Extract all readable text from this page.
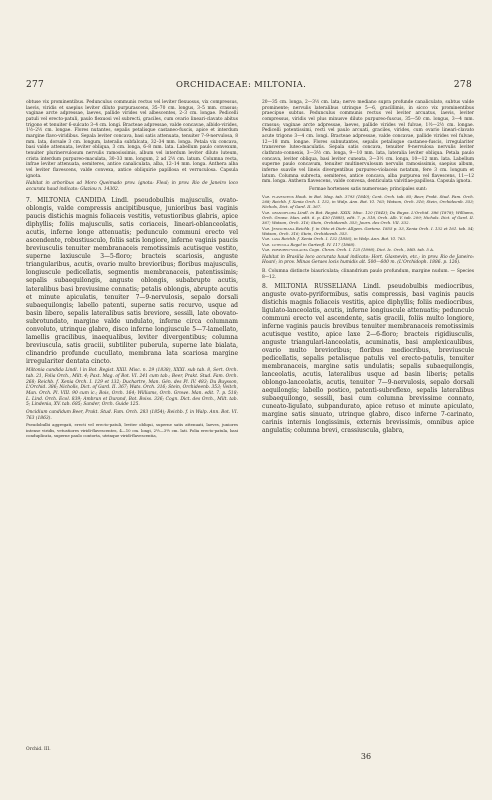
277	ORCHIDACEAE: MILTONIA.	278

obtuse vix prominentibus. Pedunculus communis rectus vel leviter flexuosus, vix compressus, laevis, viridis et saepius leviter diluto purpurascens, 35–70 cm. longus, 3–5 mm. crassus; vaginae arcte adpressae, laeves, pallide virides vel albescentes, 2–3 cm. longae. Pedicelli patuli vel erecto-patuli, paulo flexuosi vel subrecti, graciles, cum ovario lineari-clavato abitus trigono et tenuiter 6-sulcato 3–4 cm. longi. Bracteae adpressae, valde concavae, albido-virides, 1½–2½ cm. longae. Flores nutantes, sepalis petalisque castaneo-fuscis, apice et interdum margine flavo-viridibus. Sepala leviter concava, basi satis attenuata, tenuiter 7–9-nervulosa, 8 mm. lata, dorsale 3 cm. longum, lateralia subfalcata, 32–34 mm. longa. Petala vix concava, basi valde attenuata, leviter obliqua, 3 cm. longa, 6–8 mm. lata. Labellum paulo convexum, tenuiter plurinervulosum nervulis ramosissimis, album vel interdum leviter diluto luteum, crista interdum purpureo-maculata, 30–33 mm. longum, 2 ad 2½ cm. latum. Columna recta, infrae leviter attenuata, semiteres, antice canaliculata, alba, 12–14 mm. longa. Anthera alba vel leviter flavescens, valde convexa, antice obliquirie papillosa et verruculosa. Capsula ignota.

Habitat in arboribus ad Moro Queimado prov. ignota: Fleal; in prov. Rio de Janeiro loco accurata haud indicato: Glaziou n. 14302.

7. MILTONIA CANDIDA Lindl. pseudobulbis majusculis, ovato-oblongis, valde compressis ancipitibusque, junioribus basi vaginis paucis distichis magnis foliaceis vestitis, vetustioribus glabris, apice diphyllis; foliis majusculis, satis coriaceis, lineari-oblanceolatis, acutis, inferne longe attenuatis; pedunculo communi erecto vel ascendente, robustiusculo, foliis satis longiore, inferne vaginis paucis breviusculis tenuiter membranaceis remotissimis acutisque vestito, superne laxiuscule 3—5-floro; bracteis scariosis, anguste triangularibus, acutis, ovario multo brevioribus; floribus majusculis, longiuscule pedicellatis, segmentis membranaceis, patentissimis; sepalis subaequilongis, anguste oblongis, subabrupte acutis, lateralibus basi breviusime connatis; petalis oblongis, abrupte acutis et minute apiculatis, tenuiter 7—9-nervulosis, sepalo dorsali subaequilongis; labello patenti, superne satis recurvo, usque ad basin libero, sepalis lateralibus satis breviore, sessili, late obovato-subrotundato, margine valde undulato, inferne circa columnam convoluto, utrinque glabro, disco inferne longiuscule 5—7-lamellato, lamellis gracilibus, inaequalibus, leviter divergentibus; columna breviuscula, satis graciii, subtiliter puberula, superne late bialata, clinandrio profunde cucullato, membrana lata scariosa margine irregulariter dentata cincto.

Miltonia candida Lindl. l in Bot. Regist. XXII. Misc. n. 29 (1838), XXXI. sub tab. 8, Sert. Orch. tab. 21, Folia Orch., Milt. 4; Paxt. Mag. of Bot. VI. 241 cum tab.; Beer, Prakt. Stud. Fam. Orch. 268; Reichb. f. Xenia Orch. I. 129 et 132; Duchartre, Man. Gén. des Pl. IV. 483; Du Buysson, L'Orchid. 386; Nicholls, Dict. of Gard. II. 367; Wats. Orch. 316; Stein, Orchideenb. 353; Veitch, Man. Orch. Pl. VIII. 90 cum ic.; Bois, Orch. 164; Williams, Orch. Growe. Man. edit. 7. p. 518; L. Lind. Orch. Ecol. 839; Ambrun et Durand, Bot. Boiss. 336; Cogn. Dict. des Orch., Milt. tab. 5; Lindenia, XV. tab. 685; Sander, Orch. Guide 125.

Oncidium candidum Beer, Prakt. Stud. Fam. Orch. 283 (1854); Reichb. f. in Walp. Ann. Bot. VI. 763 (1863).

Pseudobulbi aggregati, erecti vel erecto-patuli, leviter obliqui, superne satis attenuati, laeves, juniores intense viridis, vetustiores viridi-flavescentes, 4—10 cm. longi, 2½—3½ cm. lati. Folia erecto-patula, basi conduplicata, superne paulo contorta, utrinque viridi-flavescentia,

Orchid. III.

20—35 cm. longa, 2—3½ cm. lata; nervo mediano supra profunde canaliculato, subtus valde prominente; nervulis lateralibus utrinque 5—6, gracillimis, in sicco vix prominentibus praecipue subtus. Pedunculus communis rectus vel leviter arcuatus, laevis, leviter compressus, viridis vel plus minusve diluto purpureo-fuscus, 35—50 cm. longus, 3—4 mm. crassus; vaginae arcte adpressae, laeves, pallide virides vel fulvae, 1½—2½ cm. longae. Pedicelli potentissimi, recti vel paulo arcuati, graciles, virides, cum ovario lineari-clavato acute trigono 3—4 cm. longi. Bracteae adpressae, valde concavae, pallide virides vel fulvae, 12—18 mm. longae. Flores subnutantes, sepalis petalisque castaneo-fuscis, irregulariter transverse luteo-maculatis. Sepala satis concava, tenuiter 9-nervulosa nervulis leviter clathrato-connexis, 3—3½ cm. longa, 9—10 mm. lata, lateralia leviter obliqua. Petala paulo concava, leviter obliqua, basi leviter cuneata, 3—3½ cm. longa, 10—12 mm. lata. Labellum superne paulo concavum, tenuiter multinervulosum nervulis ramosissimis, saepius album, inferne suavile vel lineis divergentibus purpureo-violaceis notatum, fere 3 cm. longum et latum. Columna subrecta, semiteres, antice concava, alba purpurea vel flavescens, 11—12 mm. longa. Anthera flavescens, valde convexa, denticulata valvitlae-papillosa. Capsula ignota.

Formae hortenses satis numerosae; principales sunt:

Var. flavescens Hook. in Bot. Mag. tab. 3793 (1840); Cent. Orch. tab. 85; Beer, Prakt. Stud. Fam. Orch. 268; Reichb. f. Xenia Orch. I. 132, in Walp. Ann. Bot. VI. 763; Watson, Orch. 316; Stein, Orchideenb. 353; Nichols, Dict. of Gard. II. 367.

Var. grandiflora Lindl. in Bot. Regist. XXIX. Misc. 120 (1843); Du Buyss. L'Orchid. 386 (1878); Williams, Orch. Growe. Man. edit. 6. p. 430 (1885), edit. 7. p. 518, Orch. Alb. V. tab. 209; Nichols. Dict. of Gard. II. 367; Watson, Orch. 316; Stein, Orchideenb. 353; Journ. des Orch. VII. 332.

Var. Jenischiana Reichb. f. in Otto et Dietr. Allgem. Gartenz. 1855 p. 33, Xenia Orch. I. 132 et 161. tab. 54; Watson, Orch. 316; Stein, Orchideenb. 353.

Var. laxa Reichb. f. Xenia Orch. I. 132 (1856), in Walp. Ann. Bot. VI. 763.

Var. lutecola Regel in Gartenfl. IV. 117 (1868).

Var. purpureo-violacea Cogn. Chron. Orch. I. 125 (1898), Dict. Ic. Orch., Milt. tab. 5 A.

Habitat in Brasilia loco accurata haud indicato: Hort. Glasnevin, etc.; in prov. Rio de Janeiro: Hoan!; in prov. Minas Geraes locis humidis alt. 500—600 m. (L'Orchidoph. 1886. p. 126).

B. Columna distincte biauriculata; clinandrium paulo profundum, margine nudum. — Species 8—12.

8. MILTONIA RUSSELIANA Lindl. pseudobulbis mediocribus, anguste ovato-pyriformibus, satis compressis, basi vaginis paucis distichis magnis foliaceis vestitis, apice diphyllis; foliis mediocribus, ligulato-lanceolatis, acutis, inferne longiuscule attenuatis; pedunculo communi erecto vel ascendente, satis gracili, foliis multo longiore, inferne vaginis paucis brevibus tenuiter membranaceis remotissimis acutisque vestito, apice laxe 2—6-floro; bracteis rigidiusculis, anguste triangulari-lanceolatis, acuminatis, basi amplexicaulibus, ovario multo brevioribus; floribus mediocribus, breviuscule pedicellatis, sepalis petalisque patulis vel erecto-patulis, tenuiter membranaceis, margine satis undulatis; sepalis subaequilongis, lanceolatis, acutis, lateralibus usque ad basin liberis; petalis oblongo-lanceolatis, acutis, tenuiter 7—9-nervulosis, sepalo dorsali aequilongis; labello postico, patenti-subreflexo, sepalis lateralibus subaequilongo, sessili, basi cum columna brevissime connato, cuneato-liguIato, subpandurato, apice retuso et minute apiculato, margine satis sinuato, utrinque glabro, disco inferne 7-carinato, carinis internis longissimis, externis brevissimis, omnibus apice angulatis; columna brevi, crassiuscula, glabra,

36
